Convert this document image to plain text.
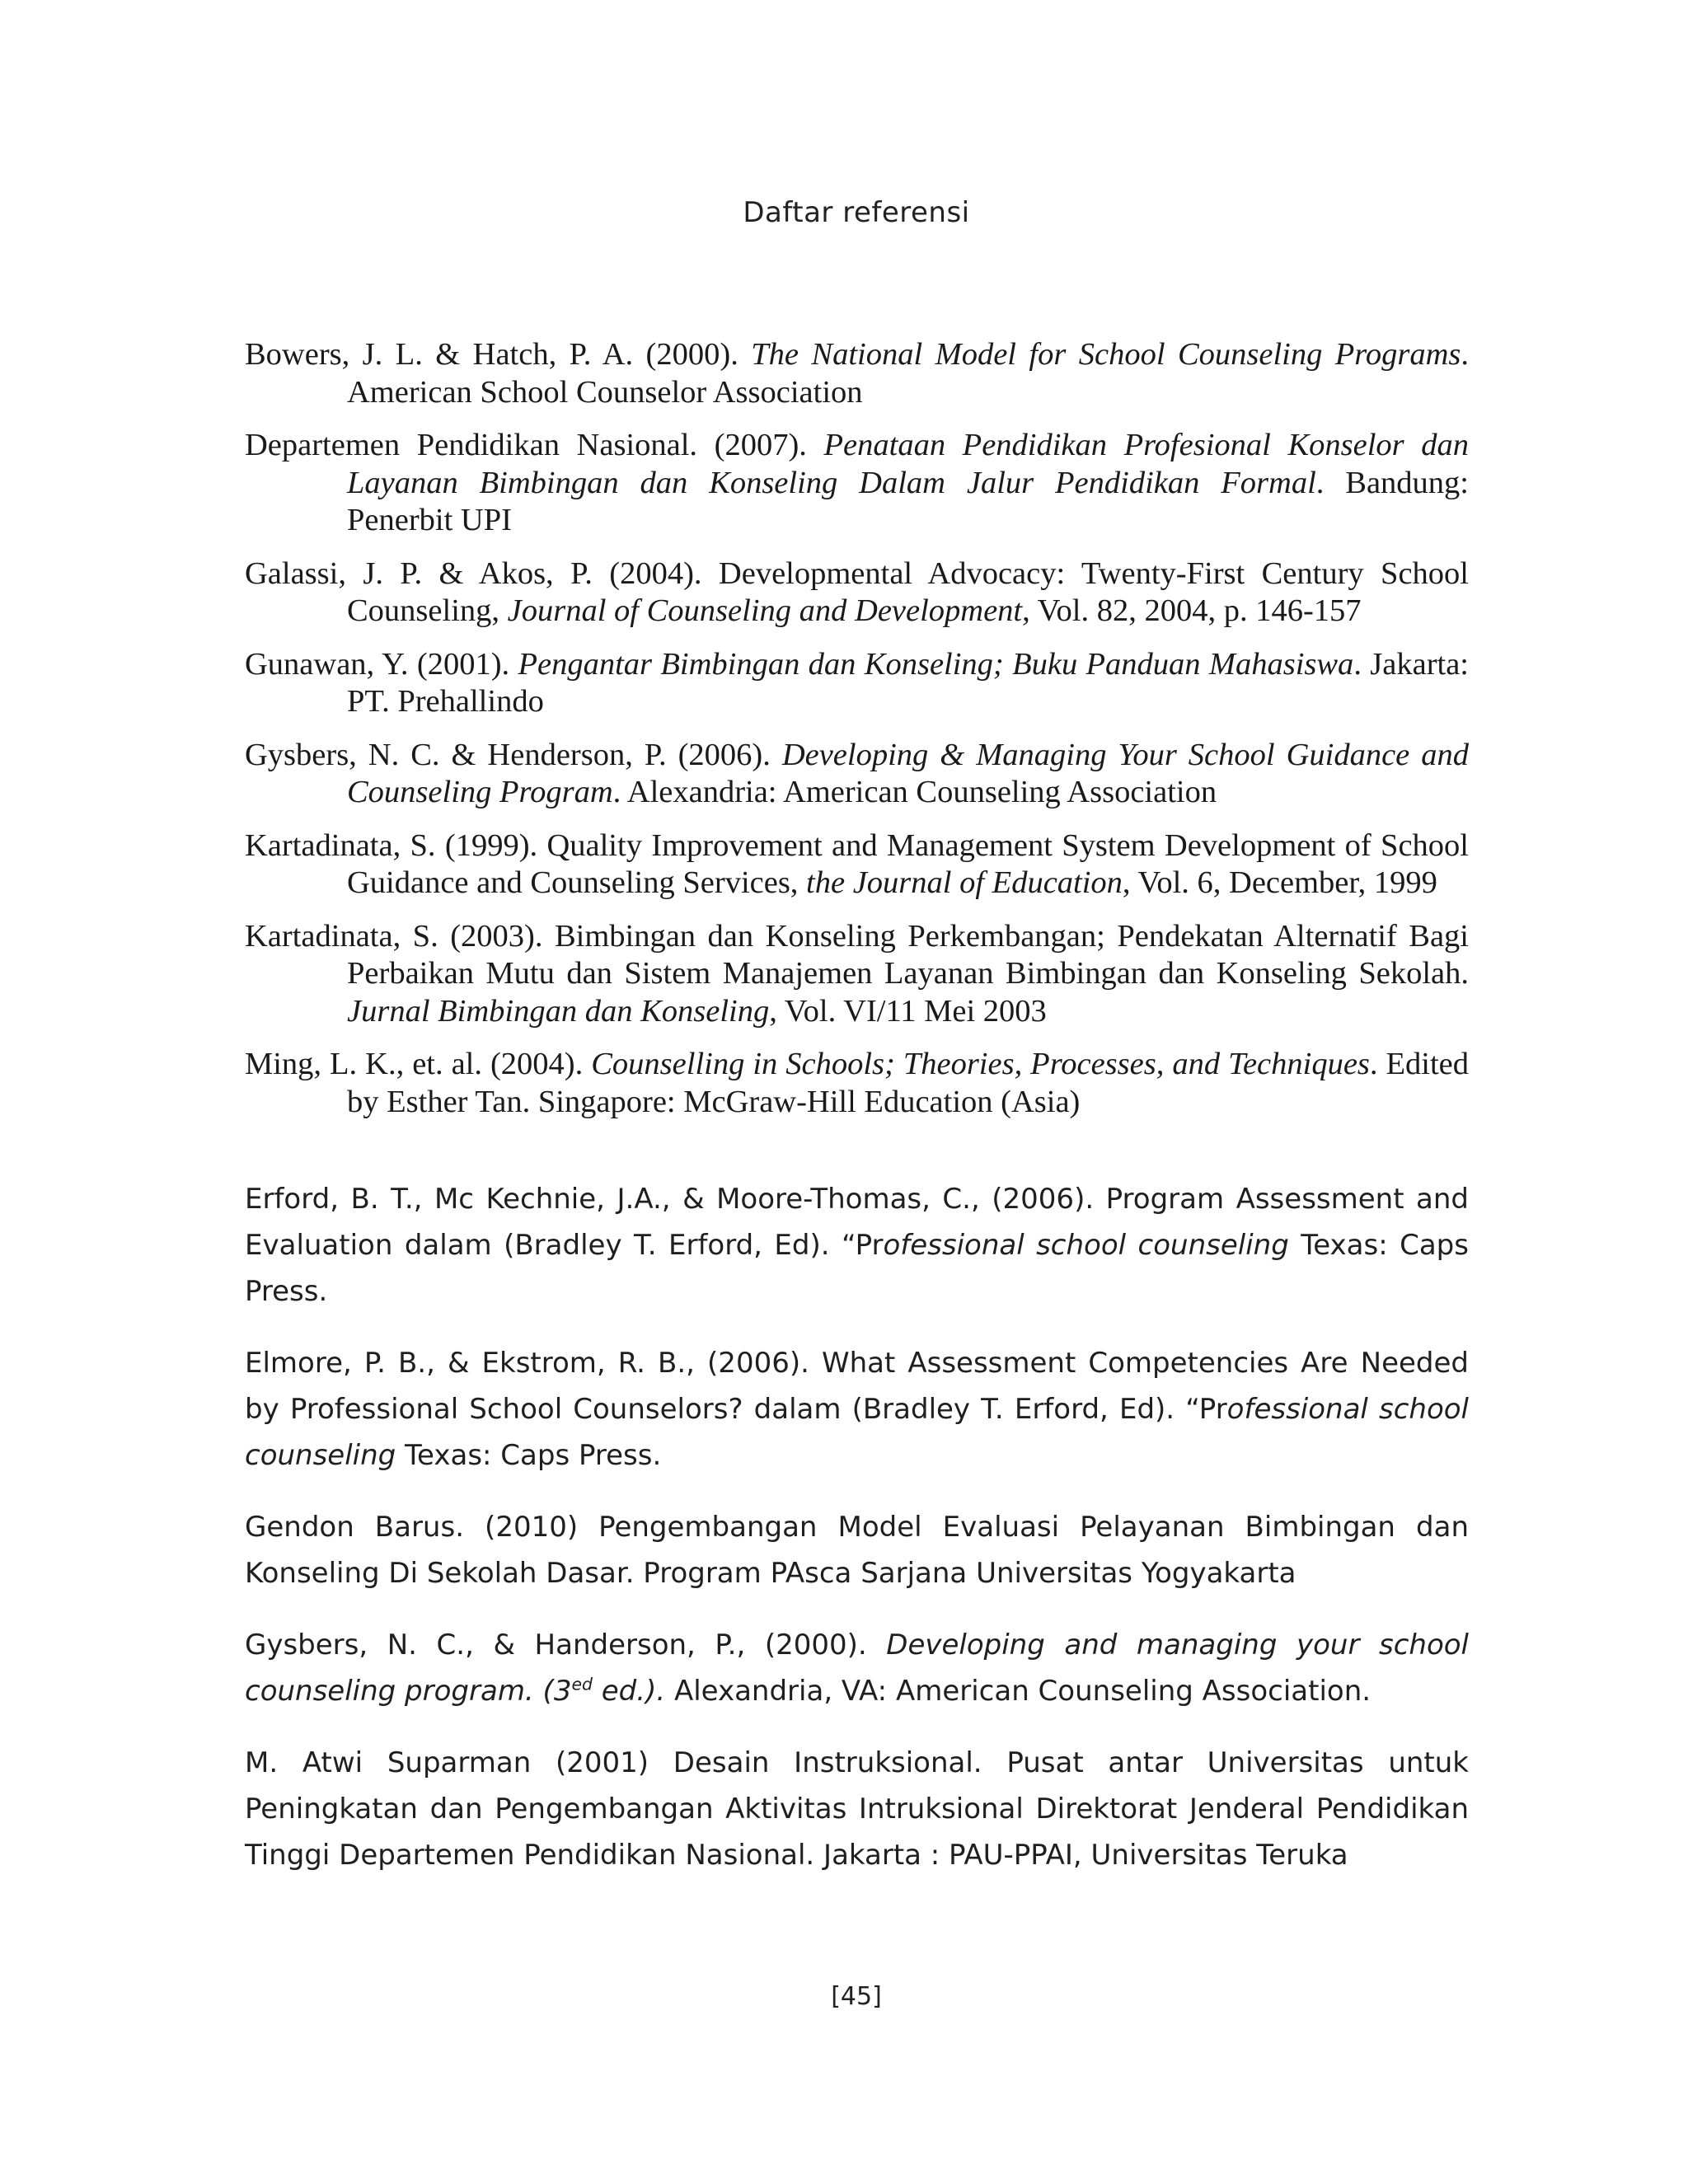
Daftar referensi

Bowers, J. L. & Hatch, P. A. (2000). The National Model for School Counseling Programs. American School Counselor Association

Departemen Pendidikan Nasional. (2007). Penataan Pendidikan Profesional Konselor dan Layanan Bimbingan dan Konseling Dalam Jalur Pendidikan Formal. Bandung: Penerbit UPI

Galassi, J. P. & Akos, P. (2004). Developmental Advocacy: Twenty-First Century School Counseling, Journal of Counseling and Development, Vol. 82, 2004, p. 146-157

Gunawan, Y. (2001). Pengantar Bimbingan dan Konseling; Buku Panduan Mahasiswa. Jakarta: PT. Prehallindo

Gysbers, N. C. & Henderson, P. (2006). Developing & Managing Your School Guidance and Counseling Program. Alexandria: American Counseling Association

Kartadinata, S. (1999). Quality Improvement and Management System Development of School Guidance and Counseling Services, the Journal of Education, Vol. 6, December, 1999

Kartadinata, S. (2003). Bimbingan dan Konseling Perkembangan; Pendekatan Alternatif Bagi Perbaikan Mutu dan Sistem Manajemen Layanan Bimbingan dan Konseling Sekolah. Jurnal Bimbingan dan Konseling, Vol. VI/11 Mei 2003

Ming, L. K., et. al. (2004). Counselling in Schools; Theories, Processes, and Techniques. Edited by Esther Tan. Singapore: McGraw-Hill Education (Asia)

Erford, B. T., Mc Kechnie, J.A., & Moore-Thomas, C., (2006). Program Assessment and Evaluation dalam (Bradley T. Erford, Ed). “Professional school counseling Texas: Caps Press.

Elmore, P. B., & Ekstrom, R. B., (2006). What Assessment Competencies Are Needed by Professional School Counselors? dalam (Bradley T. Erford, Ed). “Professional school counseling Texas: Caps Press.

Gendon Barus. (2010) Pengembangan Model Evaluasi Pelayanan Bimbingan dan Konseling Di Sekolah Dasar. Program PAsca Sarjana Universitas Yogyakarta

Gysbers, N. C., & Handerson, P., (2000). Developing and managing your school counseling program. ($3^{ed}$ ed.). Alexandria, VA: American Counseling Association.

M. Atwi Suparman (2001) Desain Instruksional. Pusat antar Universitas untuk Peningkatan dan Pengembangan Aktivitas Intruksional Direktorat Jenderal Pendidikan Tinggi Departemen Pendidikan Nasional. Jakarta : PAU-PPAI, Universitas Teruka

[45]
